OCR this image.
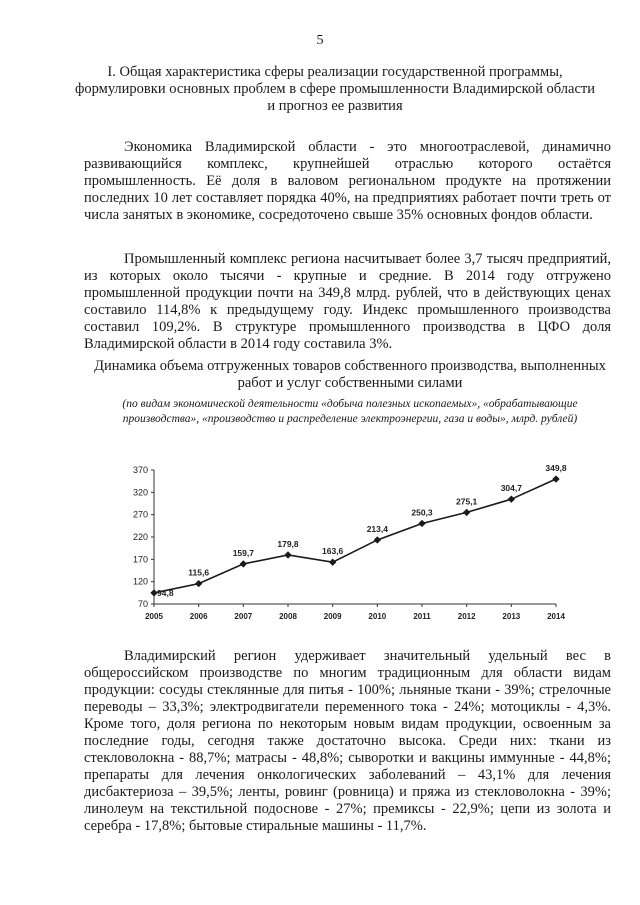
5
I. Общая характеристика сферы реализации государственной программы, формулировки основных проблем в сфере промышленности Владимирской области и прогноз ее развития
Экономика Владимирской области - это многоотраслевой, динамично развивающийся комплекс, крупнейшей отраслью которого остаётся промышленность. Её доля в валовом региональном продукте на протяжении последних 10 лет составляет порядка 40%, на предприятиях работает почти треть от числа занятых в экономике, сосредоточено свыше 35% основных фондов области.
Промышленный комплекс региона насчитывает более 3,7 тысяч предприятий, из которых около тысячи - крупные и средние. В 2014 году отгружено промышленной продукции почти на 349,8 млрд. рублей, что в действующих ценах составило 114,8% к предыдущему году. Индекс промышленного производства составил 109,2%. В структуре промышленного производства в ЦФО доля Владимирской области в 2014 году составила 3%.
Динамика объема отгруженных товаров собственного производства, выполненных работ и услуг собственными силами
(по видам экономической деятельности «добыча полезных ископаемых», «обрабатывающие производства», «производство и распределение электроэнергии, газа и воды», млрд. рублей)
70
120
170
220
270
320
370
2005	2006	2007	2008	2009	2010	2011	2012	2013	2014
94,8
115,6
159,7
179,8
163,6
213,4
250,3
275,1
304,7
349,8
Владимирский регион удерживает значительный удельный вес в общероссийском производстве по многим традиционным для области видам продукции: сосуды стеклянные для питья - 100%; льняные ткани - 39%; стрелочные переводы – 33,3%; электродвигатели переменного тока - 24%; мотоциклы - 4,3%. Кроме того, доля региона по некоторым новым видам продукции, освоенным за последние годы, сегодня также достаточно высока. Среди них: ткани из стекловолокна - 88,7%; матрасы - 48,8%; сыворотки и вакцины иммунные - 44,8%; препараты для лечения онкологических заболеваний – 43,1% для лечения дисбактериоза – 39,5%; ленты, ровинг (ровница) и пряжа из стекловолокна - 39%; линолеум на текстильной подоснове - 27%; премиксы - 22,9%; цепи из золота и серебра - 17,8%; бытовые стиральные машины - 11,7%.
